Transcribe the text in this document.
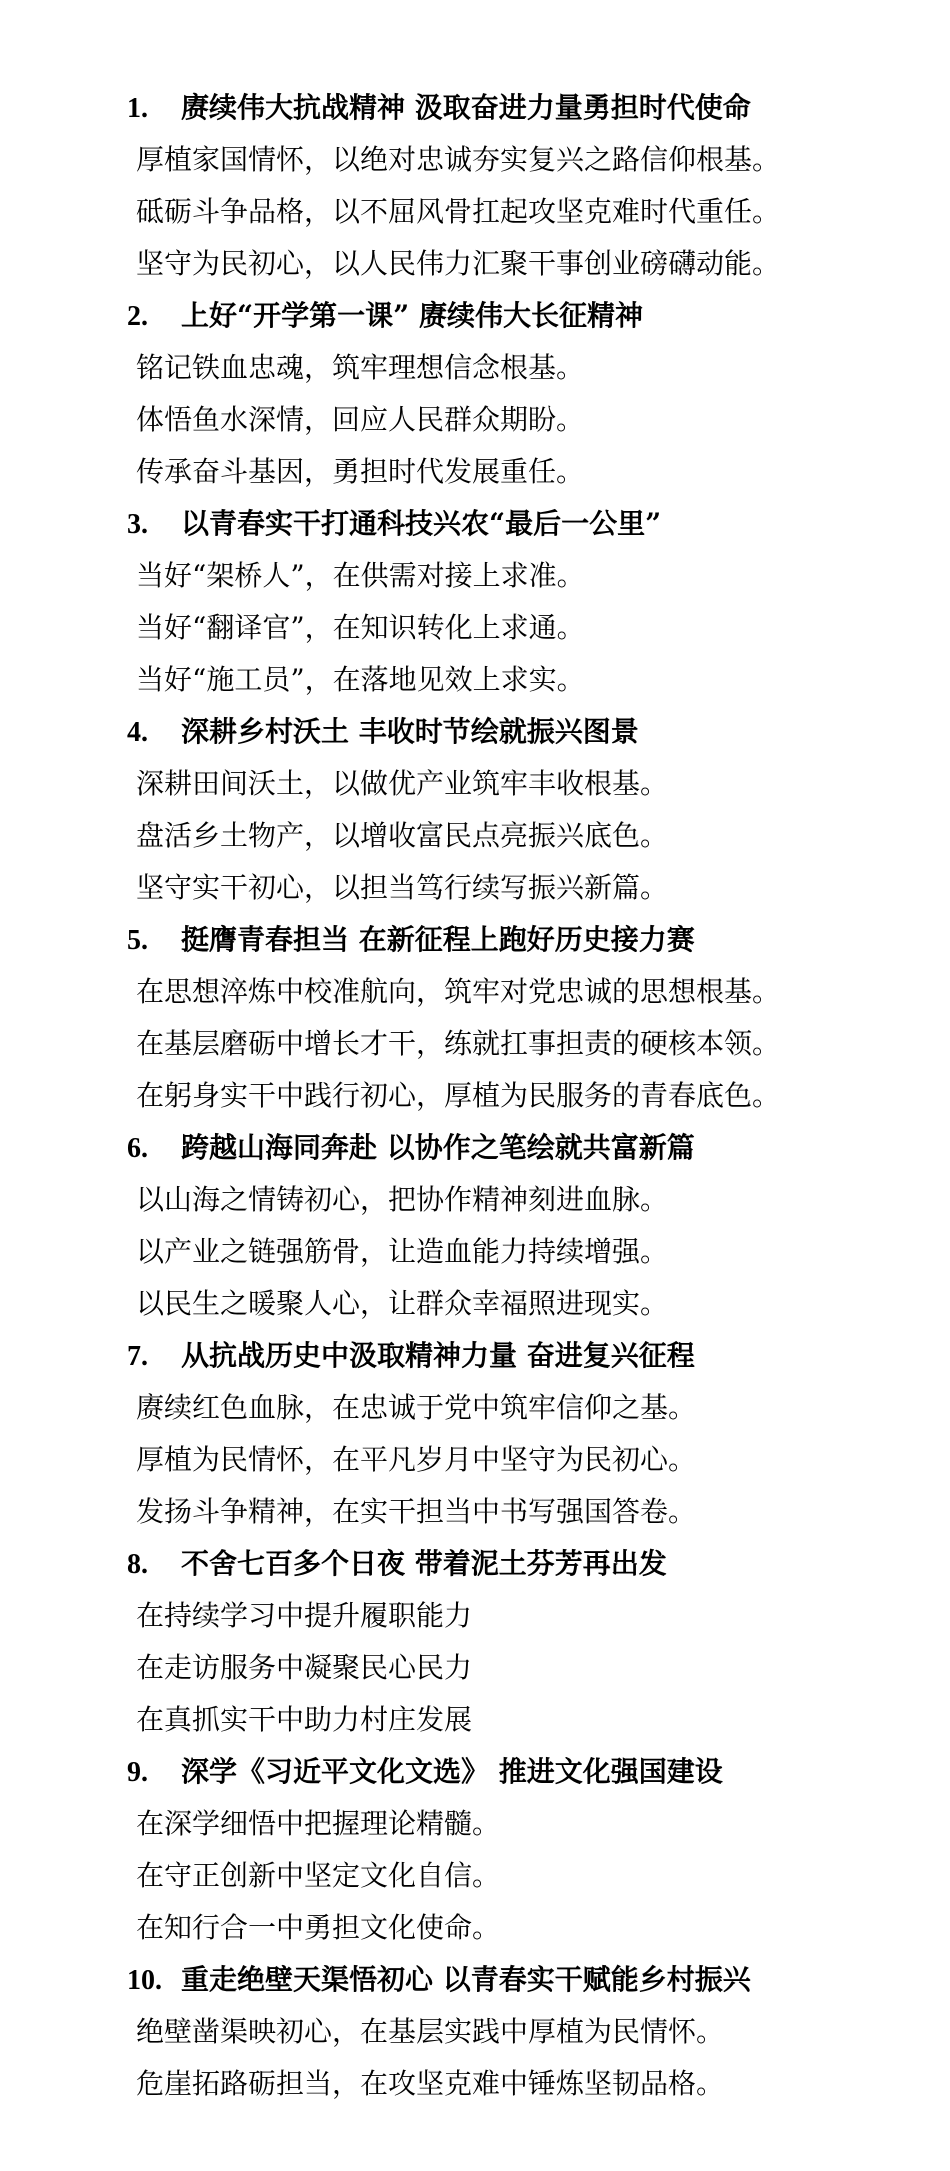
1.	赓续伟大抗战精神 汲取奋进力量勇担时代使命
厚植家国情怀，以绝对忠诚夯实复兴之路信仰根基。
砥砺斗争品格，以不屈风骨扛起攻坚克难时代重任。
坚守为民初心，以人民伟力汇聚干事创业磅礴动能。
2.	上好“开学第一课” 赓续伟大长征精神
铭记铁血忠魂，筑牢理想信念根基。
体悟鱼水深情，回应人民群众期盼。
传承奋斗基因，勇担时代发展重任。
3.	以青春实干打通科技兴农“最后一公里”
当好“架桥人”，在供需对接上求准。
当好“翻译官”，在知识转化上求通。
当好“施工员”，在落地见效上求实。
4.	深耕乡村沃土 丰收时节绘就振兴图景
深耕田间沃土，以做优产业筑牢丰收根基。
盘活乡土物产，以增收富民点亮振兴底色。
坚守实干初心，以担当笃行续写振兴新篇。
5.	挺膺青春担当 在新征程上跑好历史接力赛
在思想淬炼中校准航向，筑牢对党忠诚的思想根基。
在基层磨砺中增长才干，练就扛事担责的硬核本领。
在躬身实干中践行初心，厚植为民服务的青春底色。
6.	跨越山海同奔赴 以协作之笔绘就共富新篇
以山海之情铸初心，把协作精神刻进血脉。
以产业之链强筋骨，让造血能力持续增强。
以民生之暖聚人心，让群众幸福照进现实。
7.	从抗战历史中汲取精神力量 奋进复兴征程
赓续红色血脉，在忠诚于党中筑牢信仰之基。
厚植为民情怀，在平凡岁月中坚守为民初心。
发扬斗争精神，在实干担当中书写强国答卷。
8.	不舍七百多个日夜 带着泥土芬芳再出发
在持续学习中提升履职能力
在走访服务中凝聚民心民力
在真抓实干中助力村庄发展
9.	深学《习近平文化文选》 推进文化强国建设
在深学细悟中把握理论精髓。
在守正创新中坚定文化自信。
在知行合一中勇担文化使命。
10. 重走绝壁天渠悟初心 以青春实干赋能乡村振兴
绝壁凿渠映初心，在基层实践中厚植为民情怀。
危崖拓路砺担当，在攻坚克难中锤炼坚韧品格。
